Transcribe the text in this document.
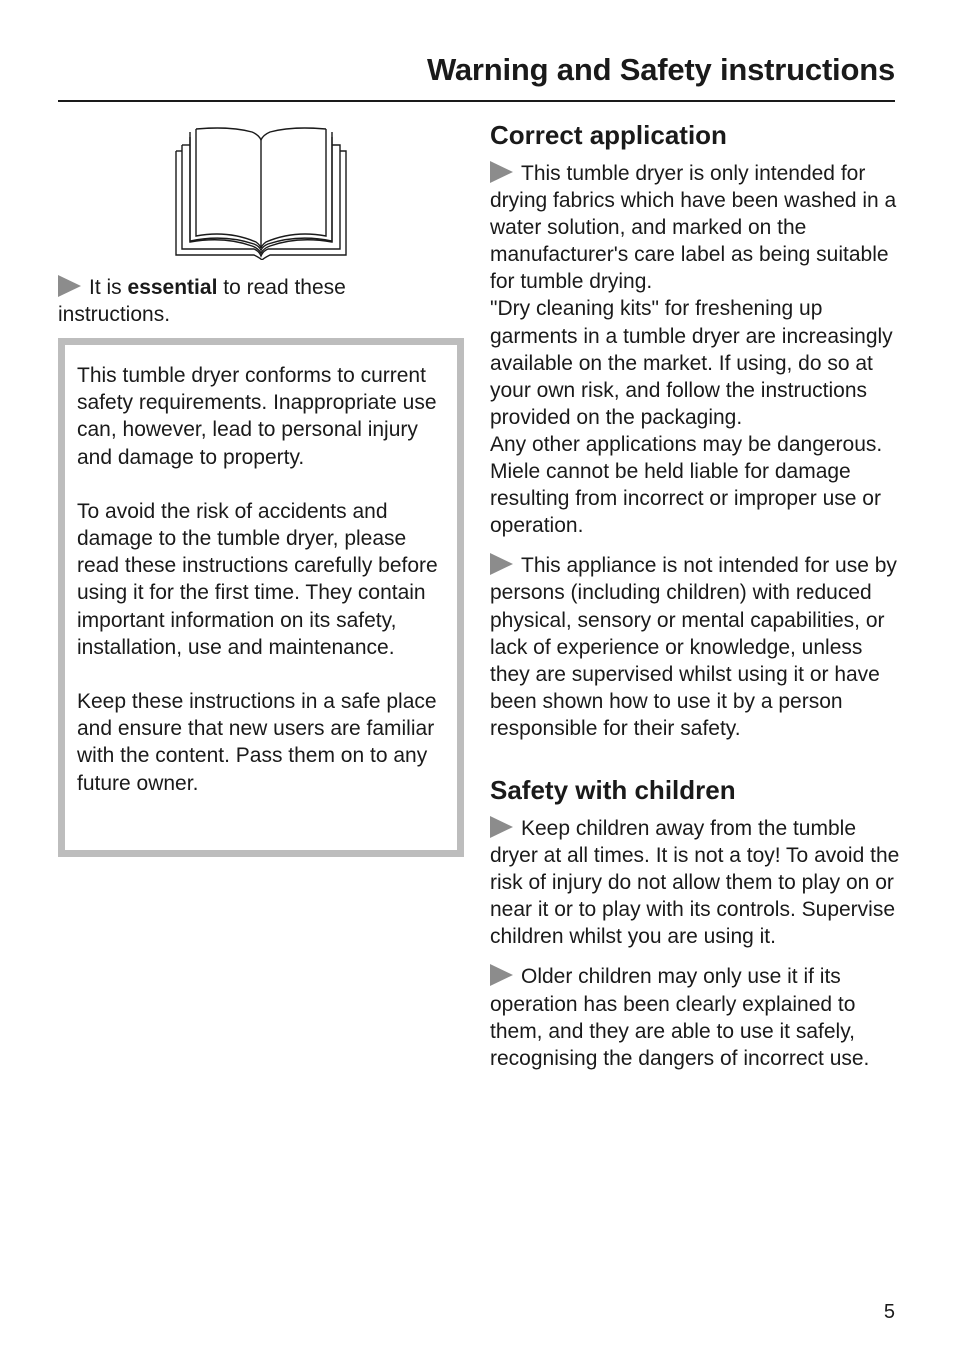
Warning and Safety instructions

It is essential to read these instructions.

This tumble dryer conforms to current safety requirements. Inappropriate use can, however, lead to personal injury and damage to property.

To avoid the risk of accidents and damage to the tumble dryer, please read these instructions carefully before using it for the first time. They contain important information on its safety, installation, use and maintenance.

Keep these instructions in a safe place and ensure that new users are familiar with the content. Pass them on to any future owner.

Correct application

This tumble dryer is only intended for drying fabrics which have been washed in a water solution, and marked on the manufacturer's care label as being suitable for tumble drying.

"Dry cleaning kits" for freshening up garments in a tumble dryer are increasingly available on the market. If using, do so at your own risk, and follow the instructions provided on the packaging.

Any other applications may be dangerous. Miele cannot be held liable for damage resulting from incorrect or improper use or operation.

This appliance is not intended for use by persons (including children) with reduced physical, sensory or mental capabilities, or lack of experience or knowledge, unless they are supervised whilst using it or have been shown how to use it by a person responsible for their safety.

Safety with children

Keep children away from the tumble dryer at all times. It is not a toy! To avoid the risk of injury do not allow them to play on or near it or to play with its controls. Supervise children whilst you are using it.

Older children may only use it if its operation has been clearly explained to them, and they are able to use it safely, recognising the dangers of incorrect use.

5
